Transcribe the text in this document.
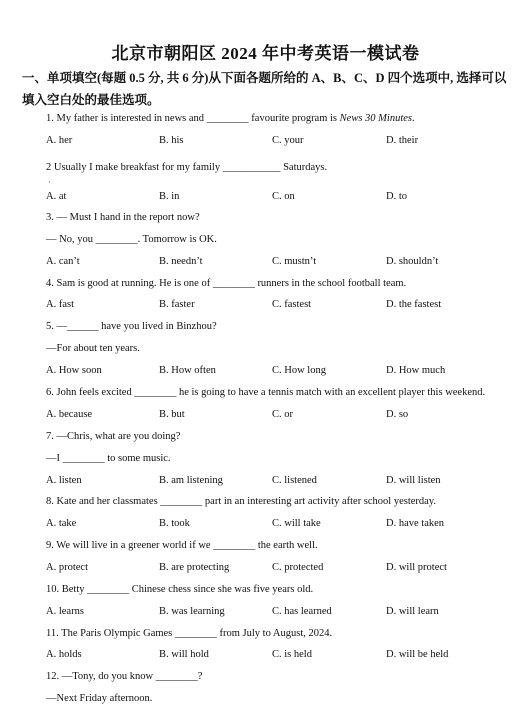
北京市朝阳区 2024 年中考英语一模试卷
一、单项填空(每题 0.5 分, 共 6 分)从下面各题所给的 A、B、C、D 四个选项中, 选择可以填入空白处的最佳选项。
1. My father is interested in news and ________ favourite program is News 30 Minutes.
A. her	B. his	C. your	D. their
2 Usually I make breakfast for my family ___________ Saturdays.
·
A. at	B. in	C. on	D. to
3. — Must I hand in the report now?
— No, you ________. Tomorrow is OK.
A. can’t	B. needn’t	C. mustn’t	D. shouldn’t
4. Sam is good at running. He is one of ________ runners in the school football team.
A. fast	B. faster	C. fastest	D. the fastest
5. —______ have you lived in Binzhou?
—For about ten years.
A. How soon	B. How often	C. How long	D. How much
6. John feels excited ________ he is going to have a tennis match with an excellent player this weekend.
A. because	B. but	C. or	D. so
7. —Chris, what are you doing?
—I ________ to some music.
A. listen	B. am listening	C. listened	D. will listen
8. Kate and her classmates ________ part in an interesting art activity after school yesterday.
A. take	B. took	C. will take	D. have taken
9. We will live in a greener world if we ________ the earth well.
A. protect	B. are protecting	C. protected	D. will protect
10. Betty ________ Chinese chess since she was five years old.
A. learns	B. was learning	C. has learned	D. will learn
11. The Paris Olympic Games ________ from July to August, 2024.
A. holds	B. will hold	C. is held	D. will be held
12. —Tony, do you know ________?
—Next Friday afternoon.
